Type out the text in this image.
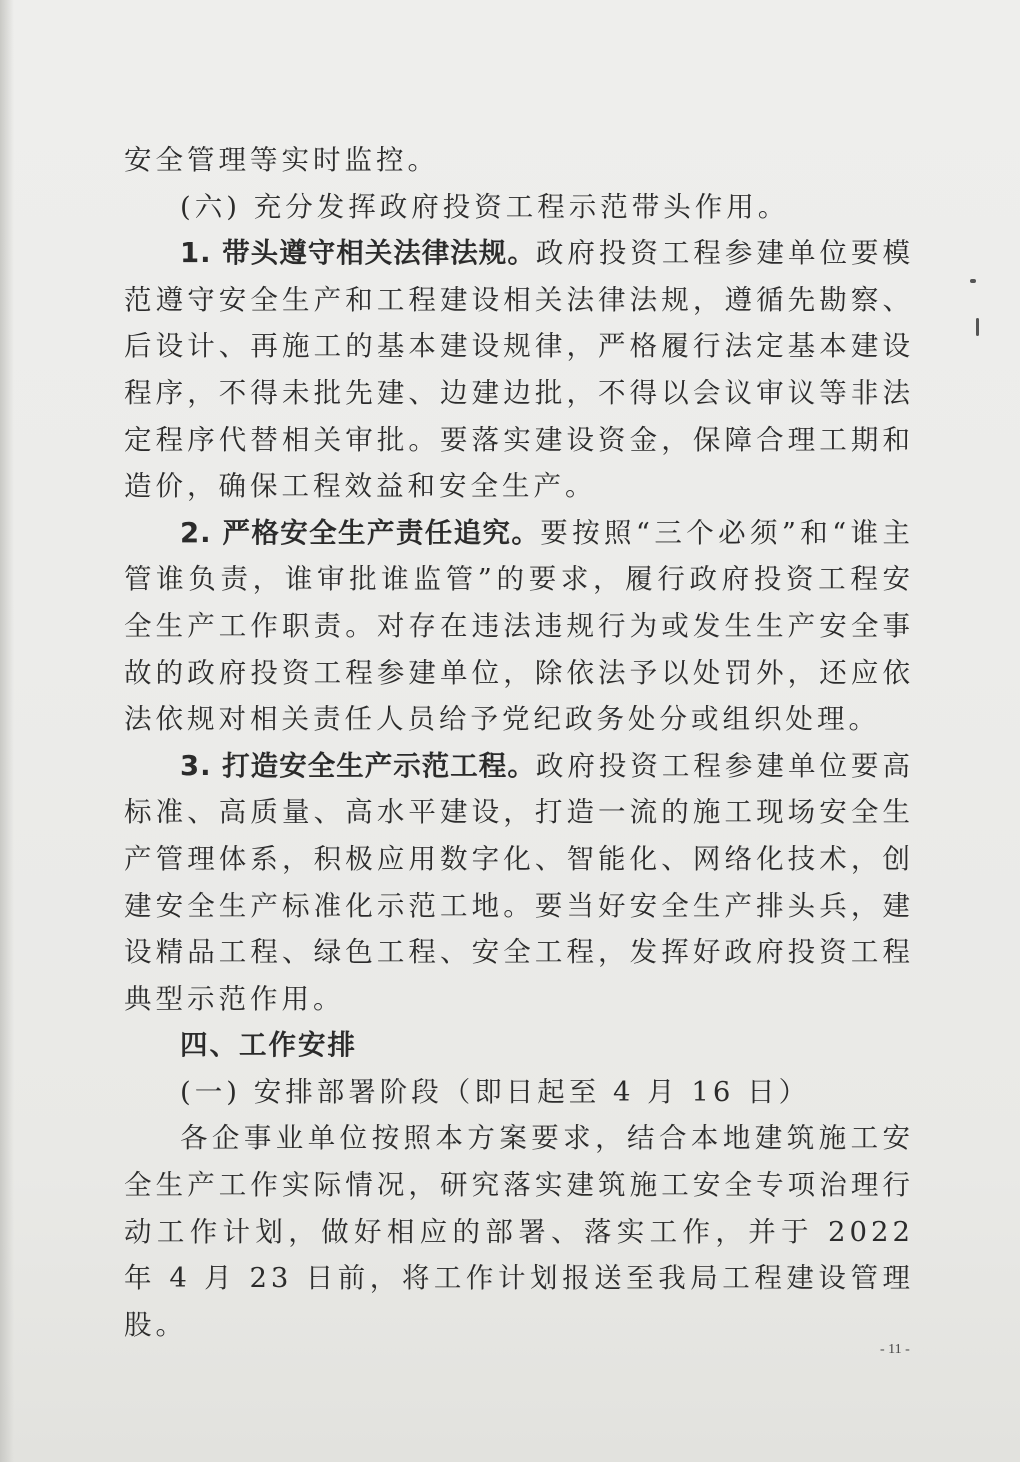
安全管理等实时监控。

(六) 充分发挥政府投资工程示范带头作用。

1. 带头遵守相关法律法规。政府投资工程参建单位要模范遵守安全生产和工程建设相关法律法规，遵循先勘察、后设计、再施工的基本建设规律，严格履行法定基本建设程序，不得未批先建、边建边批，不得以会议审议等非法定程序代替相关审批。要落实建设资金，保障合理工期和造价，确保工程效益和安全生产。

2. 严格安全生产责任追究。要按照“三个必须”和“谁主管谁负责，谁审批谁监管”的要求，履行政府投资工程安全生产工作职责。对存在违法违规行为或发生生产安全事故的政府投资工程参建单位，除依法予以处罚外，还应依法依规对相关责任人员给予党纪政务处分或组织处理。

3. 打造安全生产示范工程。政府投资工程参建单位要高标准、高质量、高水平建设，打造一流的施工现场安全生产管理体系，积极应用数字化、智能化、网络化技术，创建安全生产标准化示范工地。要当好安全生产排头兵，建设精品工程、绿色工程、安全工程，发挥好政府投资工程典型示范作用。

四、工作安排

(一) 安排部署阶段（即日起至 4 月 16 日）

各企事业单位按照本方案要求，结合本地建筑施工安全生产工作实际情况，研究落实建筑施工安全专项治理行动工作计划，做好相应的部署、落实工作，并于 2022 年 4 月 23 日前，将工作计划报送至我局工程建设管理股。

- 11 -
